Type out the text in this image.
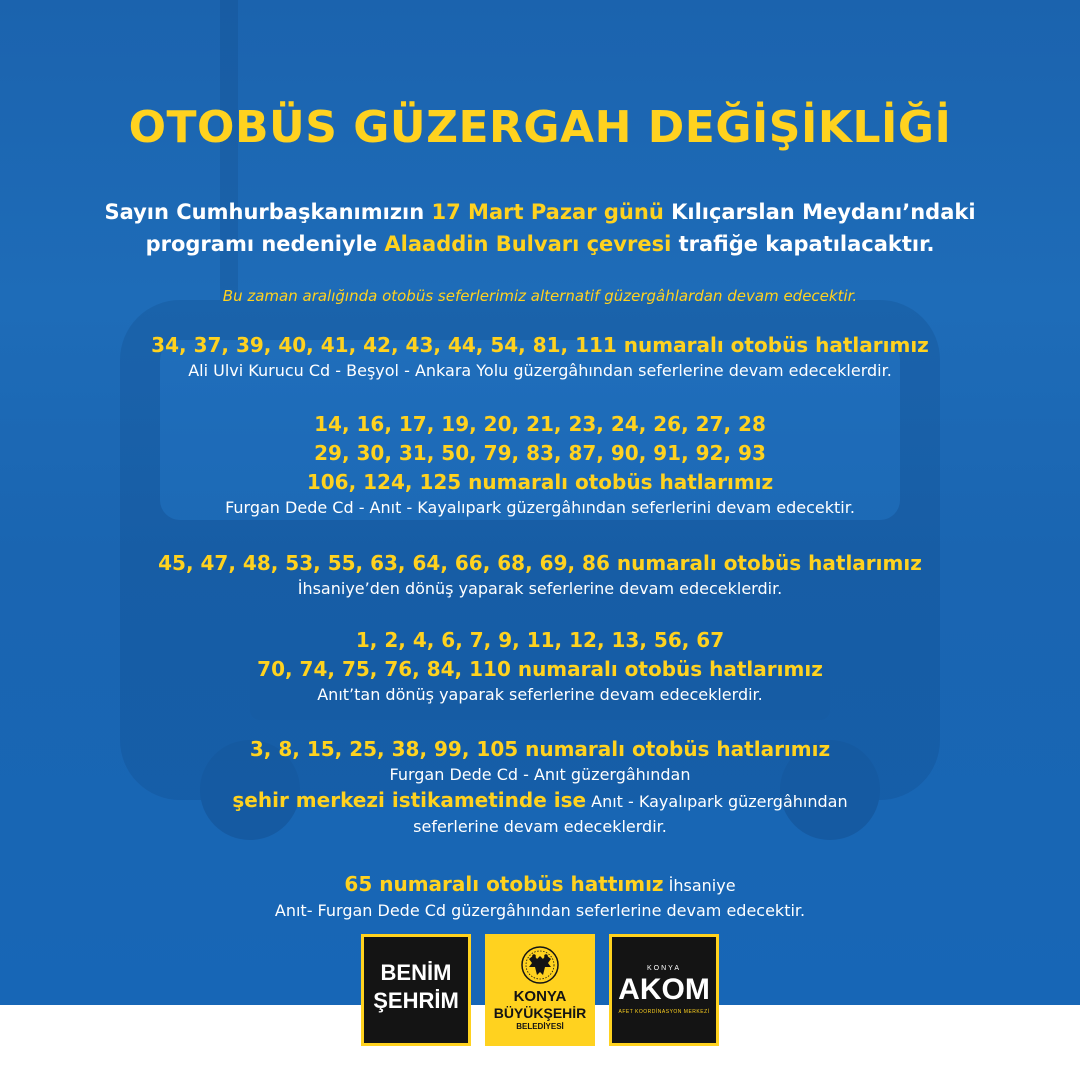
OTOBÜS GÜZERGAH DEĞİŞİKLİĞİ
Sayın Cumhurbaşkanımızın 17 Mart Pazar günü Kılıçarslan Meydanı’ndaki
programı nedeniyle Alaaddin Bulvarı çevresi trafiğe kapatılacaktır.
Bu zaman aralığında otobüs seferlerimiz alternatif güzergâhlardan devam edecektir.
34, 37, 39, 40, 41, 42, 43, 44, 54, 81, 111 numaralı otobüs hatlarımız
Ali Ulvi Kurucu Cd - Beşyol - Ankara Yolu güzergâhından seferlerine devam edeceklerdir.
14, 16, 17, 19, 20, 21, 23, 24, 26, 27, 28
29, 30, 31, 50, 79, 83, 87, 90, 91, 92, 93
106, 124, 125 numaralı otobüs hatlarımız
Furgan Dede Cd - Anıt - Kayalıpark güzergâhından seferlerini devam edecektir.
45, 47, 48, 53, 55, 63, 64, 66, 68, 69, 86 numaralı otobüs hatlarımız
İhsaniye’den dönüş yaparak seferlerine devam edeceklerdir.
1, 2, 4, 6, 7, 9, 11, 12, 13, 56, 67
70, 74, 75, 76, 84, 110 numaralı otobüs hatlarımız
Anıt’tan dönüş yaparak seferlerine devam edeceklerdir.
3, 8, 15, 25, 38, 99, 105 numaralı otobüs hatlarımız
Furgan Dede Cd - Anıt güzergâhından
şehir merkezi istikametinde ise Anıt - Kayalıpark güzergâhından
seferlerine devam edeceklerdir.
65 numaralı otobüs hattımız İhsaniye
Anıt- Furgan Dede Cd güzergâhından seferlerine devam edecektir.
BENİM
ŞEHRİM	KONYA
BÜYÜKŞEHİR
BELEDİYESİ
KONYA
AKOM
AFET KOORDİNASYON MERKEZİ
